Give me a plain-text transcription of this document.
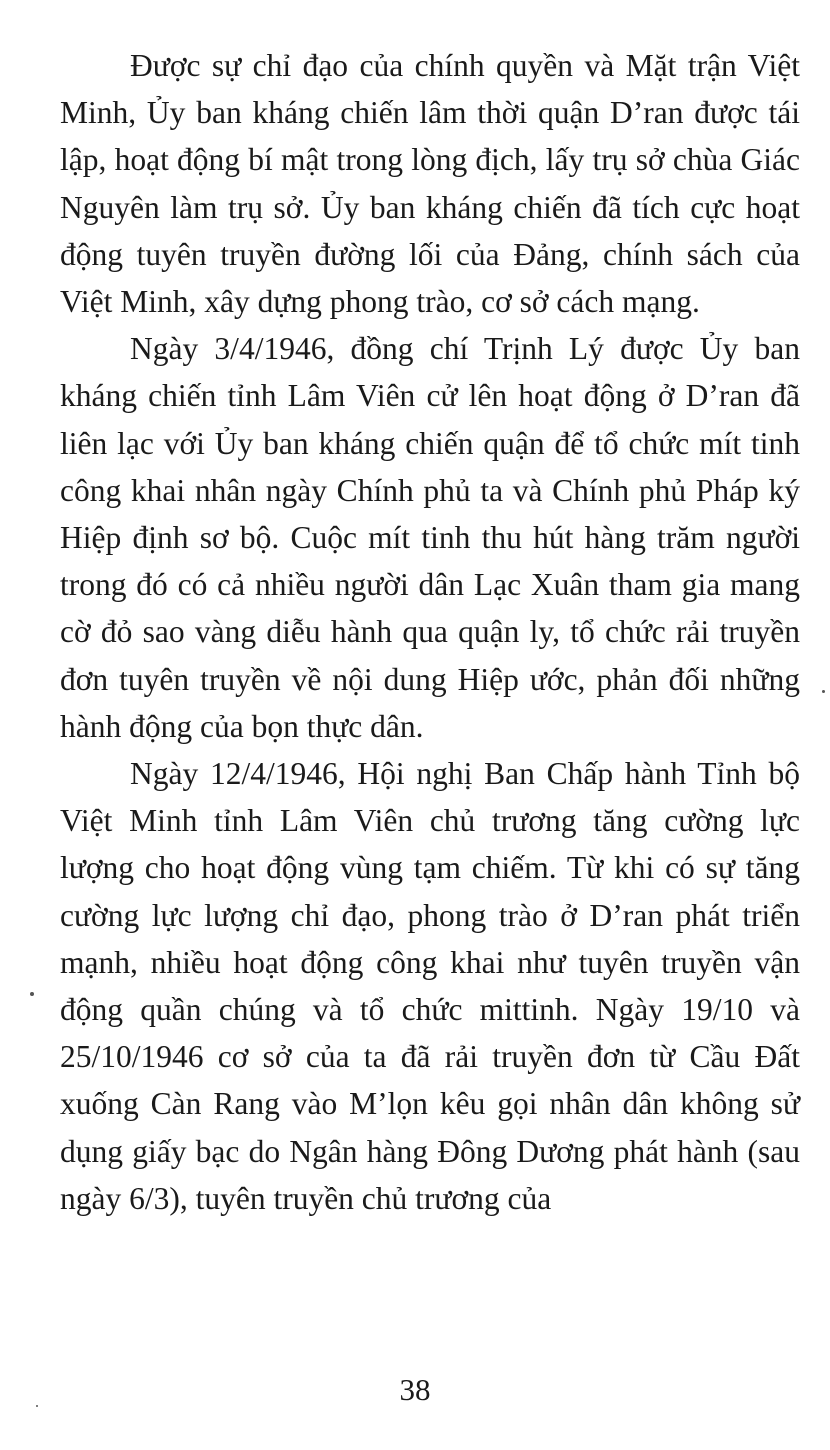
Được sự chỉ đạo của chính quyền và Mặt trận Việt Minh, Ủy ban kháng chiến lâm thời quận D’ran được tái lập, hoạt động bí mật trong lòng địch, lấy trụ sở chùa Giác Nguyên làm trụ sở. Ủy ban kháng chiến đã tích cực hoạt động tuyên truyền đường lối của Đảng, chính sách của Việt Minh, xây dựng phong trào, cơ sở cách mạng.

Ngày 3/4/1946, đồng chí Trịnh Lý được Ủy ban kháng chiến tỉnh Lâm Viên cử lên hoạt động ở D’ran đã liên lạc với Ủy ban kháng chiến quận để tổ chức mít tinh công khai nhân ngày Chính phủ ta và Chính phủ Pháp ký Hiệp định sơ bộ. Cuộc mít tinh thu hút hàng trăm người trong đó có cả nhiều người dân Lạc Xuân tham gia mang cờ đỏ sao vàng diễu hành qua quận ly, tổ chức rải truyền đơn tuyên truyền về nội dung Hiệp ước, phản đối những hành động của bọn thực dân.

Ngày 12/4/1946, Hội nghị Ban Chấp hành Tỉnh bộ Việt Minh tỉnh Lâm Viên chủ trương tăng cường lực lượng cho hoạt động vùng tạm chiếm. Từ khi có sự tăng cường lực lượng chỉ đạo, phong trào ở D’ran phát triển mạnh, nhiều hoạt động công khai như tuyên truyền vận động quần chúng và tổ chức mittinh. Ngày 19/10 và 25/10/1946 cơ sở của ta đã rải truyền đơn từ Cầu Đất xuống Càn Rang vào M’lọn kêu gọi nhân dân không sử dụng giấy bạc do Ngân hàng Đông Dương phát hành (sau ngày 6/3), tuyên truyền chủ trương của

38
